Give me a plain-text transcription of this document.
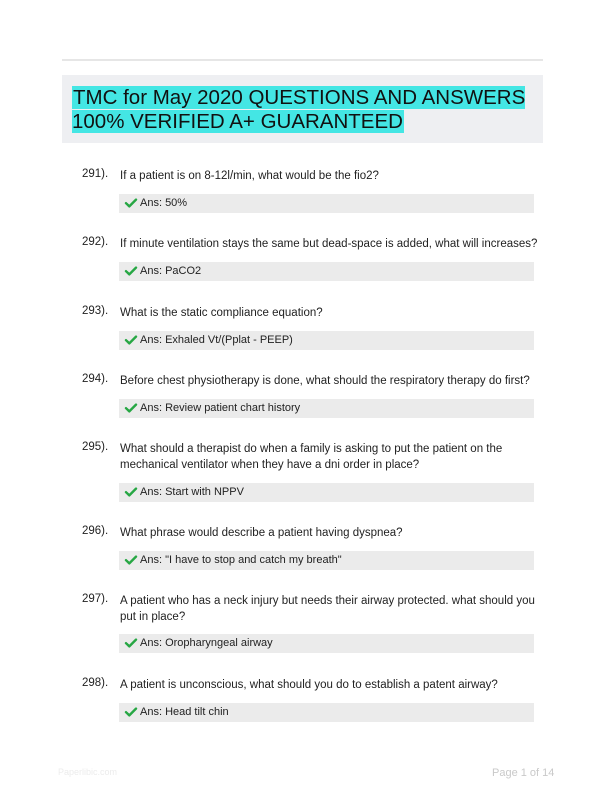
TMC for May 2020 QUESTIONS AND ANSWERS 100% VERIFIED A+ GUARANTEED
291). If a patient is on 8-12l/min, what would be the fio2?
Ans: 50%
292). If minute ventilation stays the same but dead-space is added, what will increases?
Ans: PaCO2
293). What is the static compliance equation?
Ans: Exhaled Vt/(Pplat - PEEP)
294). Before chest physiotherapy is done, what should the respiratory therapy do first?
Ans: Review patient chart history
295). What should a therapist do when a family is asking to put the patient on the mechanical ventilator when they have a dni order in place?
Ans: Start with NPPV
296). What phrase would describe a patient having dyspnea?
Ans: "I have to stop and catch my breath"
297). A patient who has a neck injury but needs their airway protected. what should you put in place?
Ans: Oropharyngeal airway
298). A patient is unconscious, what should you do to establish a patent airway?
Ans: Head tilt chin
Paperlibic.com	Page 1 of 14
